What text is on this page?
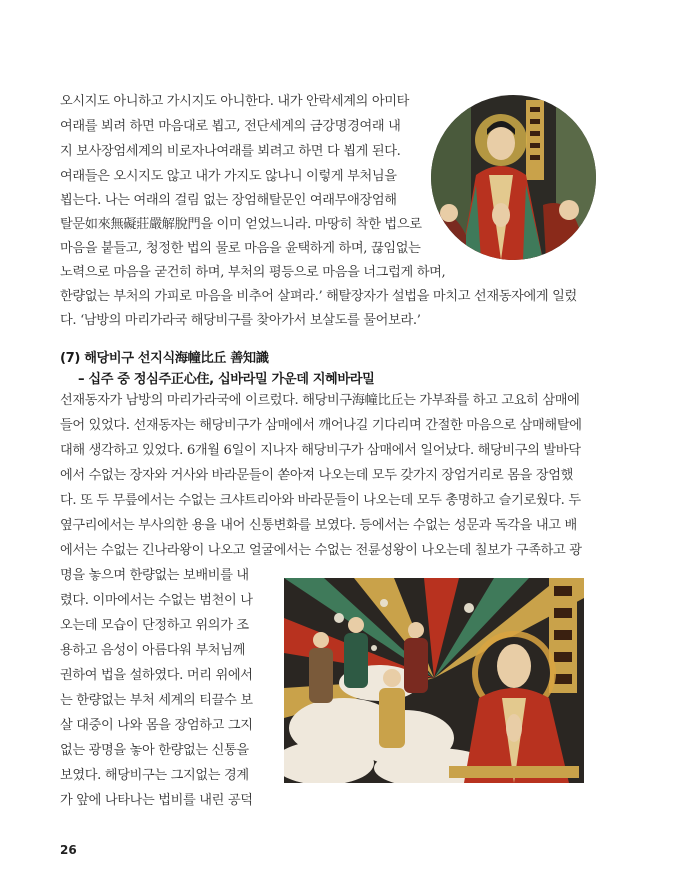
오시지도 아니하고 가시지도 아니한다. 내가 안락세계의 아미타
여래를 뵈려 하면 마음대로 뵙고, 전단세계의 금강명경여래 내
지 보사장엄세계의 비로자나여래를 뵈려고 하면 다 뵙게 된다.
여래들은 오시지도 않고 내가 가지도 않나니 이렇게 부처님을
뵙는다. 나는 여래의 걸림 없는 장엄해탈문인 여래무애장엄해
탈문如來無礙莊嚴解脫門을 이미 얻었느니라. 마땅히 착한 법으로
마음을 붙들고, 청정한 법의 물로 마음을 윤택하게 하며, 끊임없는
노력으로 마음을 굳건히 하며, 부처의 평등으로 마음을 너그럽게 하며,
한량없는 부처의 가피로 마음을 비추어 살펴라.’ 해탈장자가 설법을 마치고 선재동자에게 일렀
다. ‘남방의 마리가라국 해당비구를 찾아가서 보살도를 물어보라.’
(7) 해당비구 선지식海幢比丘 善知識
– 십주 중 정심주正心住, 십바라밀 가운데 지혜바라밀
선재동자가 남방의 마리가라국에 이르렀다. 해당비구海幢比丘는 가부좌를 하고 고요히 삼매에
들어 있었다. 선재동자는 해당비구가 삼매에서 깨어나길 기다리며 간절한 마음으로 삼매해탈에
대해 생각하고 있었다. 6개월 6일이 지나자 해당비구가 삼매에서 일어났다. 해당비구의 발바닥
에서 수없는 장자와 거사와 바라문들이 쏟아져 나오는데 모두 갖가지 장엄거리로 몸을 장엄했
다. 또 두 무릎에서는 수없는 크샤트리아와 바라문들이 나오는데 모두 총명하고 슬기로웠다. 두
옆구리에서는 부사의한 용을 내어 신통변화를 보였다. 등에서는 수없는 성문과 독각을 내고 배
에서는 수없는 긴나라왕이 나오고 얼굴에서는 수없는 전륜성왕이 나오는데 칠보가 구족하고 광
명을 놓으며 한량없는 보배비를 내
렸다. 이마에서는 수없는 범천이 나
오는데 모습이 단정하고 위의가 조
용하고 음성이 아름다워 부처님께
권하여 법을 설하였다. 머리 위에서
는 한량없는 부처 세계의 티끌수 보
살 대중이 나와 몸을 장엄하고 그지
없는 광명을 놓아 한량없는 신통을
보였다. 해당비구는 그지없는 경계
가 앞에 나타나는 법비를 내린 공덕
26
